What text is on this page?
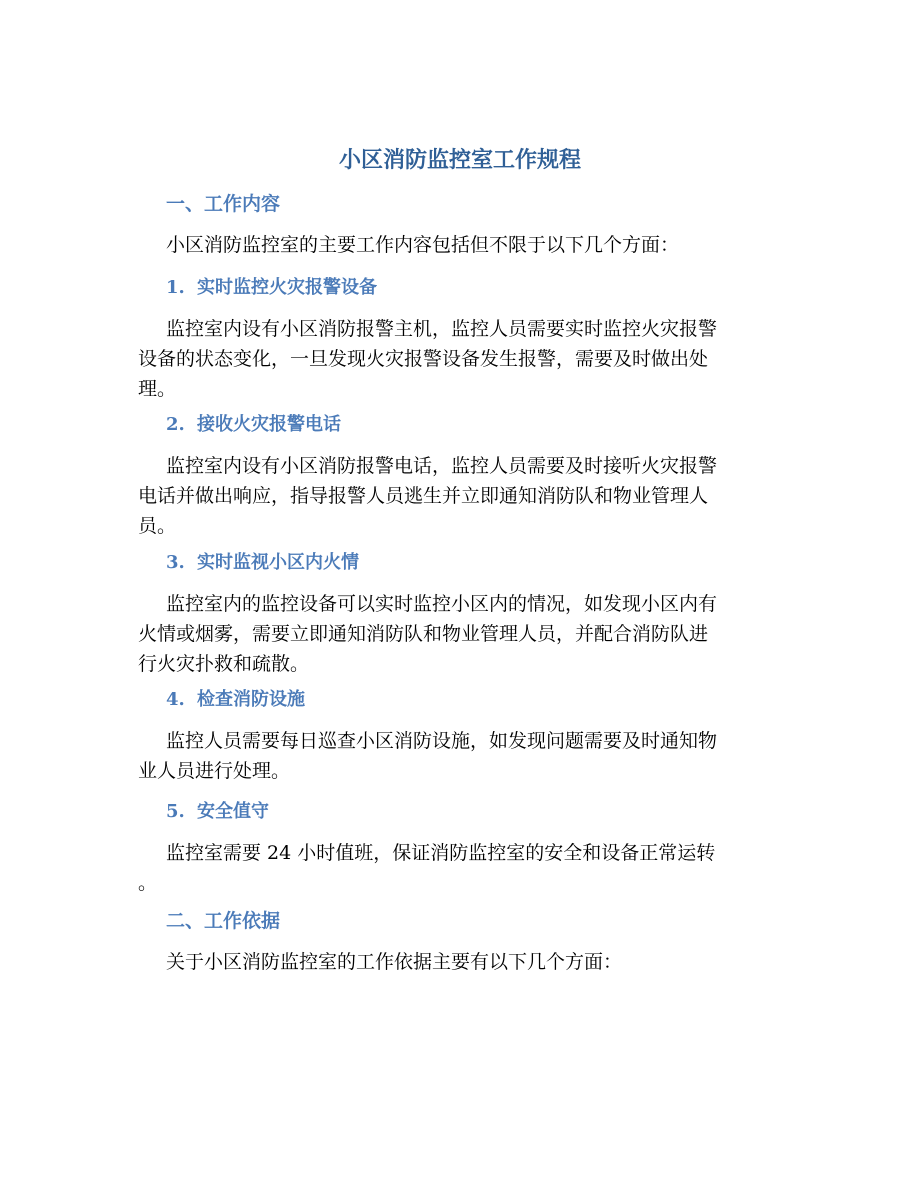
小区消防监控室工作规程
一、工作内容
小区消防监控室的主要工作内容包括但不限于以下几个方面：
1. 实时监控火灾报警设备
监控室内设有小区消防报警主机，监控人员需要实时监控火灾报警
设备的状态变化，一旦发现火灾报警设备发生报警，需要及时做出处
理。
2. 接收火灾报警电话
监控室内设有小区消防报警电话，监控人员需要及时接听火灾报警
电话并做出响应，指导报警人员逃生并立即通知消防队和物业管理人
员。
3. 实时监视小区内火情
监控室内的监控设备可以实时监控小区内的情况，如发现小区内有
火情或烟雾，需要立即通知消防队和物业管理人员，并配合消防队进
行火灾扑救和疏散。
4. 检查消防设施
监控人员需要每日巡查小区消防设施，如发现问题需要及时通知物
业人员进行处理。
5. 安全值守
监控室需要 24 小时值班，保证消防监控室的安全和设备正常运转
。
二、工作依据
关于小区消防监控室的工作依据主要有以下几个方面：
